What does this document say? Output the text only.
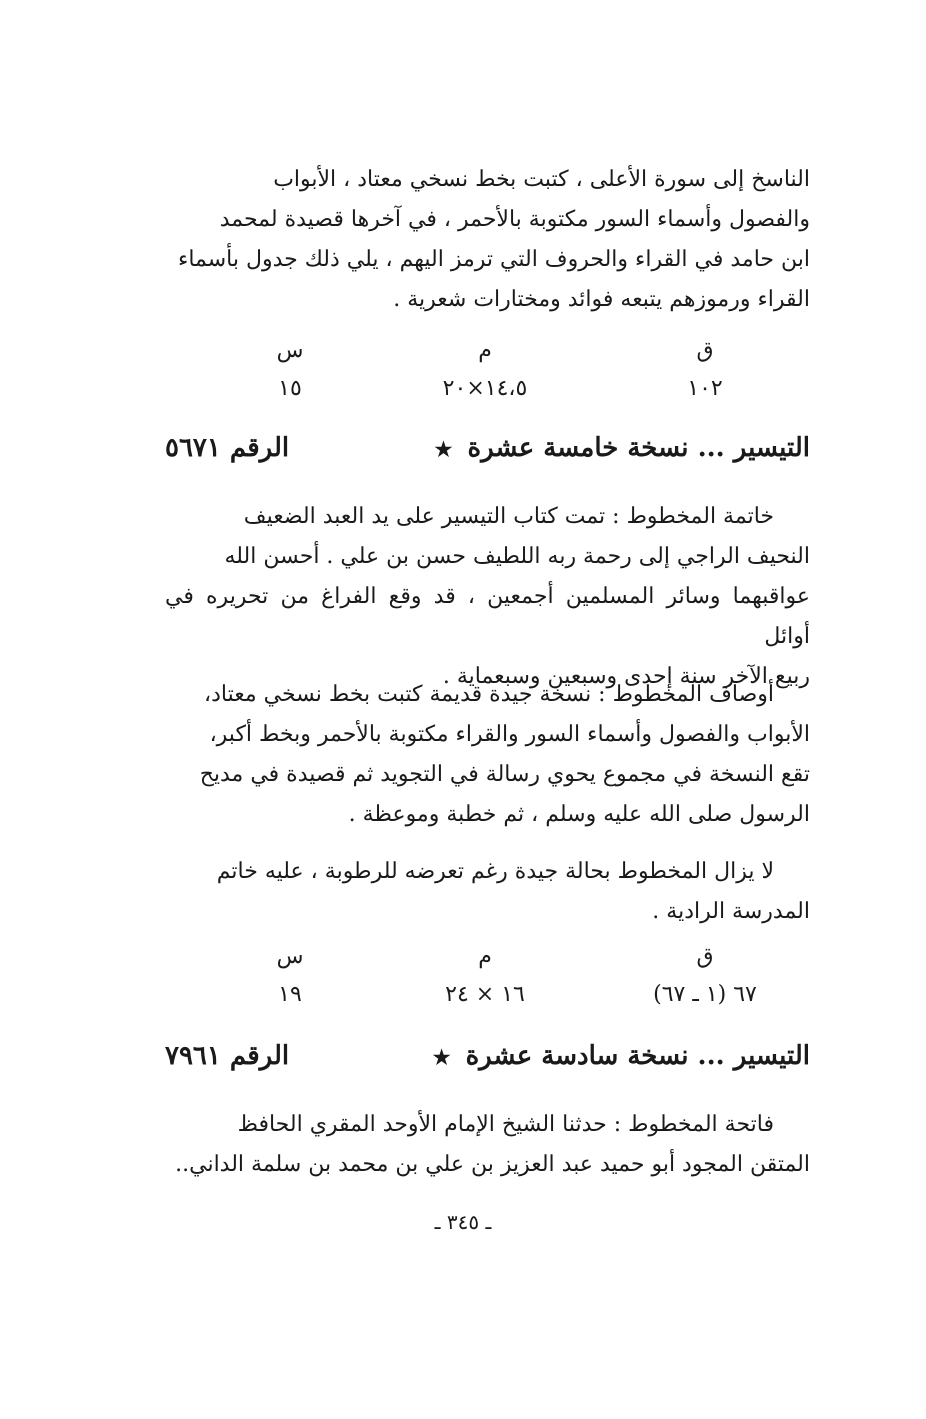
الناسخ إلى سورة الأعلى ، كتبت بخط نسخي معتاد ، الأبواب
والفصول وأسماء السور مكتوبة بالأحمر ، في آخرها قصيدة لمحمد
ابن حامد في القراء والحروف التي ترمز اليهم ، يلي ذلك جدول بأسماء
القراء ورموزهم يتبعه فوائد ومختارات شعرية .

ق
م
س
١٠٢
١٤،٥×٢٠
١٥
التيسير ... نسخة خامسة عشرة ★
الرقم ٥٦٧١

خاتمة المخطوط : تمت كتاب التيسير على يد العبد الضعيف
النحيف الراجي إلى رحمة ربه اللطيف حسن بن علي . أحسن الله
عواقبهما وسائر المسلمين أجمعين ، قد وقع الفراغ من تحريره في أوائل
ربيع الآخر سنة إحدى وسبعين وسبعماية .

أوصاف المخطوط : نسخة جيدة قديمة كتبت بخط نسخي معتاد،
الأبواب والفصول وأسماء السور والقراء مكتوبة بالأحمر وبخط أكبر،
تقع النسخة في مجموع يحوي رسالة في التجويد ثم قصيدة في مديح
الرسول صلى الله عليه وسلم ، ثم خطبة وموعظة .

لا يزال المخطوط بحالة جيدة رغم تعرضه للرطوبة ، عليه خاتم
المدرسة الرادية .

ق
م
س
٦٧ (١ ـ ٦٧)
١٦ × ٢٤
١٩
التيسير ... نسخة سادسة عشرة ★
الرقم ٧٩٦١

فاتحة المخطوط : حدثنا الشيخ الإمام الأوحد المقري الحافظ
المتقن المجود أبو حميد عبد العزيز بن علي بن محمد بن سلمة الداني..

ـ ٣٤٥ ـ
